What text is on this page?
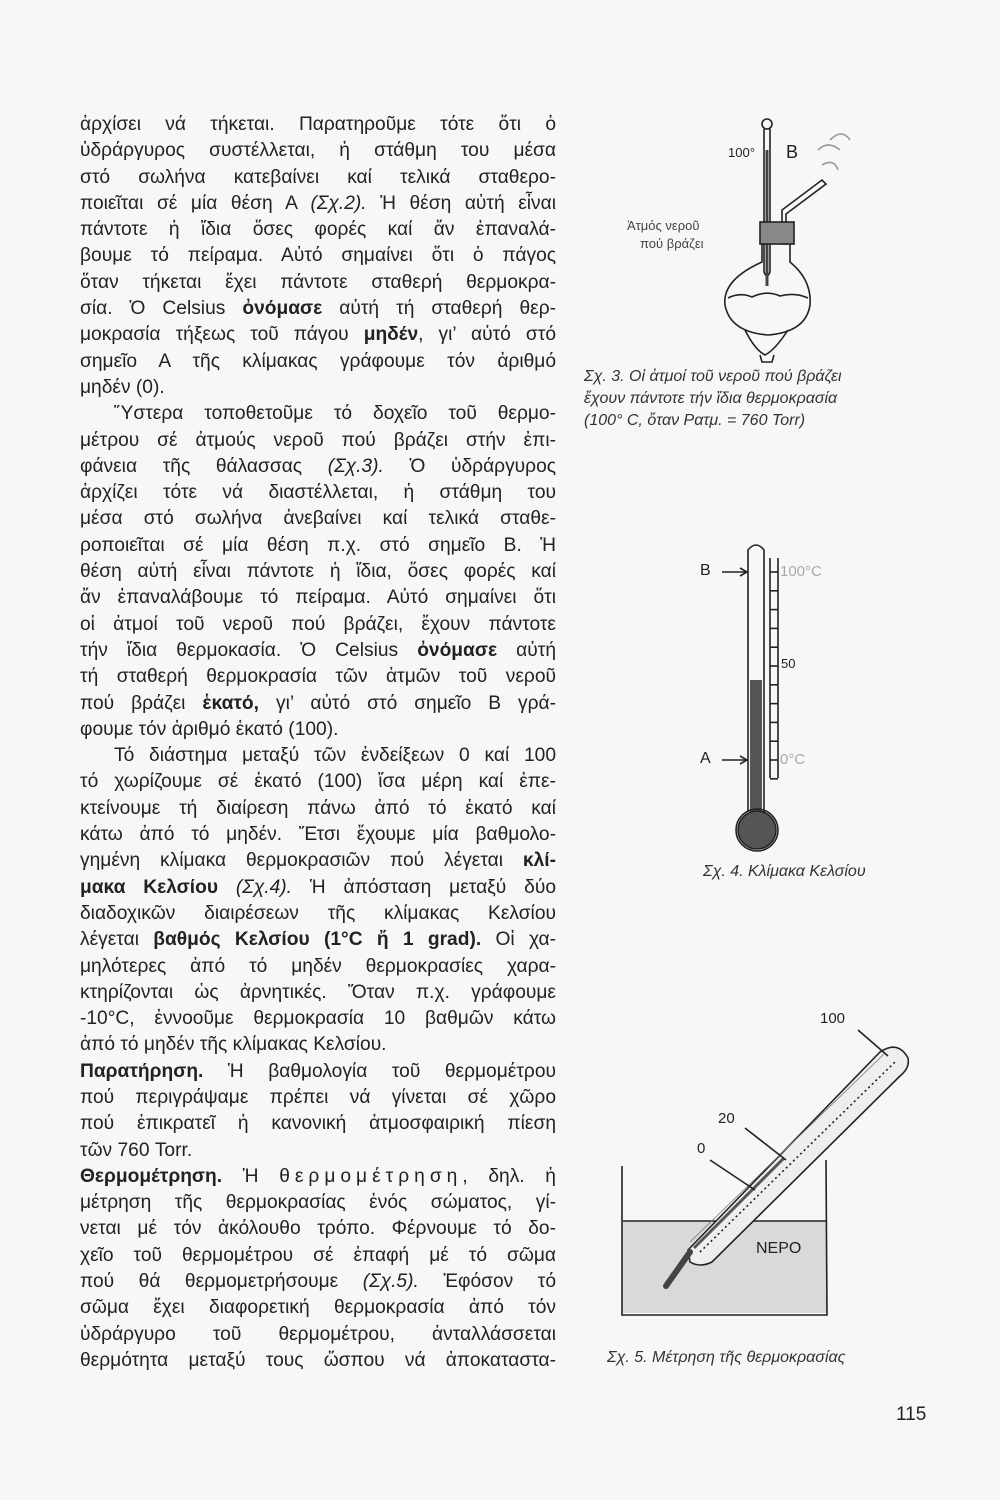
ἀρχίσει νά τήκεται. Παρατηροῦμε τότε ὅτι ὁ
ὑδράργυρος συστέλλεται, ἡ στάθμη του μέσα
στό σωλήνα κατεβαίνει καί τελικά σταθερο-
ποιεῖται σέ μία θέση Α (Σχ.2). Ἡ θέση αὐτή εἶναι
πάντοτε ἡ ἴδια ὅσες φορές καί ἄν ἐπαναλά-
βουμε τό πείραμα. Αὐτό σημαίνει ὅτι ὁ πάγος
ὅταν τήκεται ἔχει πάντοτε σταθερή θερμοκρα-
σία. Ὁ Celsius ὀνόμασε αὐτή τή σταθερή θερ-
μοκρασία τήξεως τοῦ πάγου μηδέν, γι’ αὐτό στό
σημεῖο Α τῆς κλίμακας γράφουμε τόν ἀριθμό
μηδέν (0).
Ὕστερα τοποθετοῦμε τό δοχεῖο τοῦ θερμο-
μέτρου σέ ἀτμούς νεροῦ πού βράζει στήν ἐπι-
φάνεια τῆς θάλασσας (Σχ.3). Ὁ ὑδράργυρος
ἀρχίζει τότε νά διαστέλλεται, ἡ στάθμη του
μέσα στό σωλήνα ἀνεβαίνει καί τελικά σταθε-
ροποιεῖται σέ μία θέση π.χ. στό σημεῖο Β. Ἡ
θέση αὐτή εἶναι πάντοτε ἡ ἴδια, ὅσες φορές καί
ἄν ἐπαναλάβουμε τό πείραμα. Αὐτό σημαίνει ὅτι
οἱ ἀτμοί τοῦ νεροῦ πού βράζει, ἔχουν πάντοτε
τήν ἴδια θερμοκασία. Ὁ Celsius ὀνόμασε αὐτή
τή σταθερή θερμοκρασία τῶν ἀτμῶν τοῦ νεροῦ
πού βράζει ἑκατό, γι’ αὐτό στό σημεῖο Β γρά-
φουμε τόν ἀριθμό ἑκατό (100).
Τό διάστημα μεταξύ τῶν ἐνδείξεων 0 καί 100
τό χωρίζουμε σέ ἑκατό (100) ἴσα μέρη καί ἐπε-
κτείνουμε τή διαίρεση πάνω ἀπό τό ἑκατό καί
κάτω ἀπό τό μηδέν. Ἔτσι ἔχουμε μία βαθμολο-
γημένη κλίμακα θερμοκρασιῶν πού λέγεται κλί-
μακα Κελσίου (Σχ.4). Ἡ ἀπόσταση μεταξύ δύο
διαδοχικῶν διαιρέσεων τῆς κλίμακας Κελσίου
λέγεται βαθμός Κελσίου (1°C ἤ 1 grad). Οἱ χα-
μηλότερες ἀπό τό μηδέν θερμοκρασίες χαρα-
κτηρίζονται ὡς ἀρνητικές. Ὅταν π.χ. γράφουμε
-10°C, ἐννοοῦμε θερμοκρασία 10 βαθμῶν κάτω
ἀπό τό μηδέν τῆς κλίμακας Κελσίου.
Παρατήρηση. Ἡ βαθμολογία τοῦ θερμομέτρου
πού περιγράψαμε πρέπει νά γίνεται σέ χῶρο
πού ἐπικρατεῖ ἡ κανονική ἀτμοσφαιρική πίεση
τῶν 760 Torr.
Θερμομέτρηση. Ἡ θερμομέτρηση, δηλ. ἡ
μέτρηση τῆς θερμοκρασίας ἑνός σώματος, γί-
νεται μέ τόν ἀκόλουθο τρόπο. Φέρνουμε τό δο-
χεῖο τοῦ θερμομέτρου σέ ἐπαφή μέ τό σῶμα
πού θά θερμομετρήσουμε (Σχ.5). Ἐφόσον τό
σῶμα ἔχει διαφορετική θερμοκρασία ἀπό τόν
ὑδράργυρο τοῦ θερμομέτρου, ἀνταλλάσσεται
θερμότητα μεταξύ τους ὥσπου νά ἀποκαταστα-
100° B
Ἀτμός νεροῦ
πού βράζει
Σχ. 3. Οἱ ἀτμοί τοῦ νεροῦ πού βράζει
ἔχουν πάντοτε τήν ἴδια θερμοκρασία
(100° C, ὅταν Pατμ. = 760 Torr)
B
A
100°C
50
0°C
Σχ. 4. Κλίμακα Κελσίου
100
20
0
ΝΕΡΟ
Σχ. 5. Μέτρηση τῆς θερμοκρασίας
115
